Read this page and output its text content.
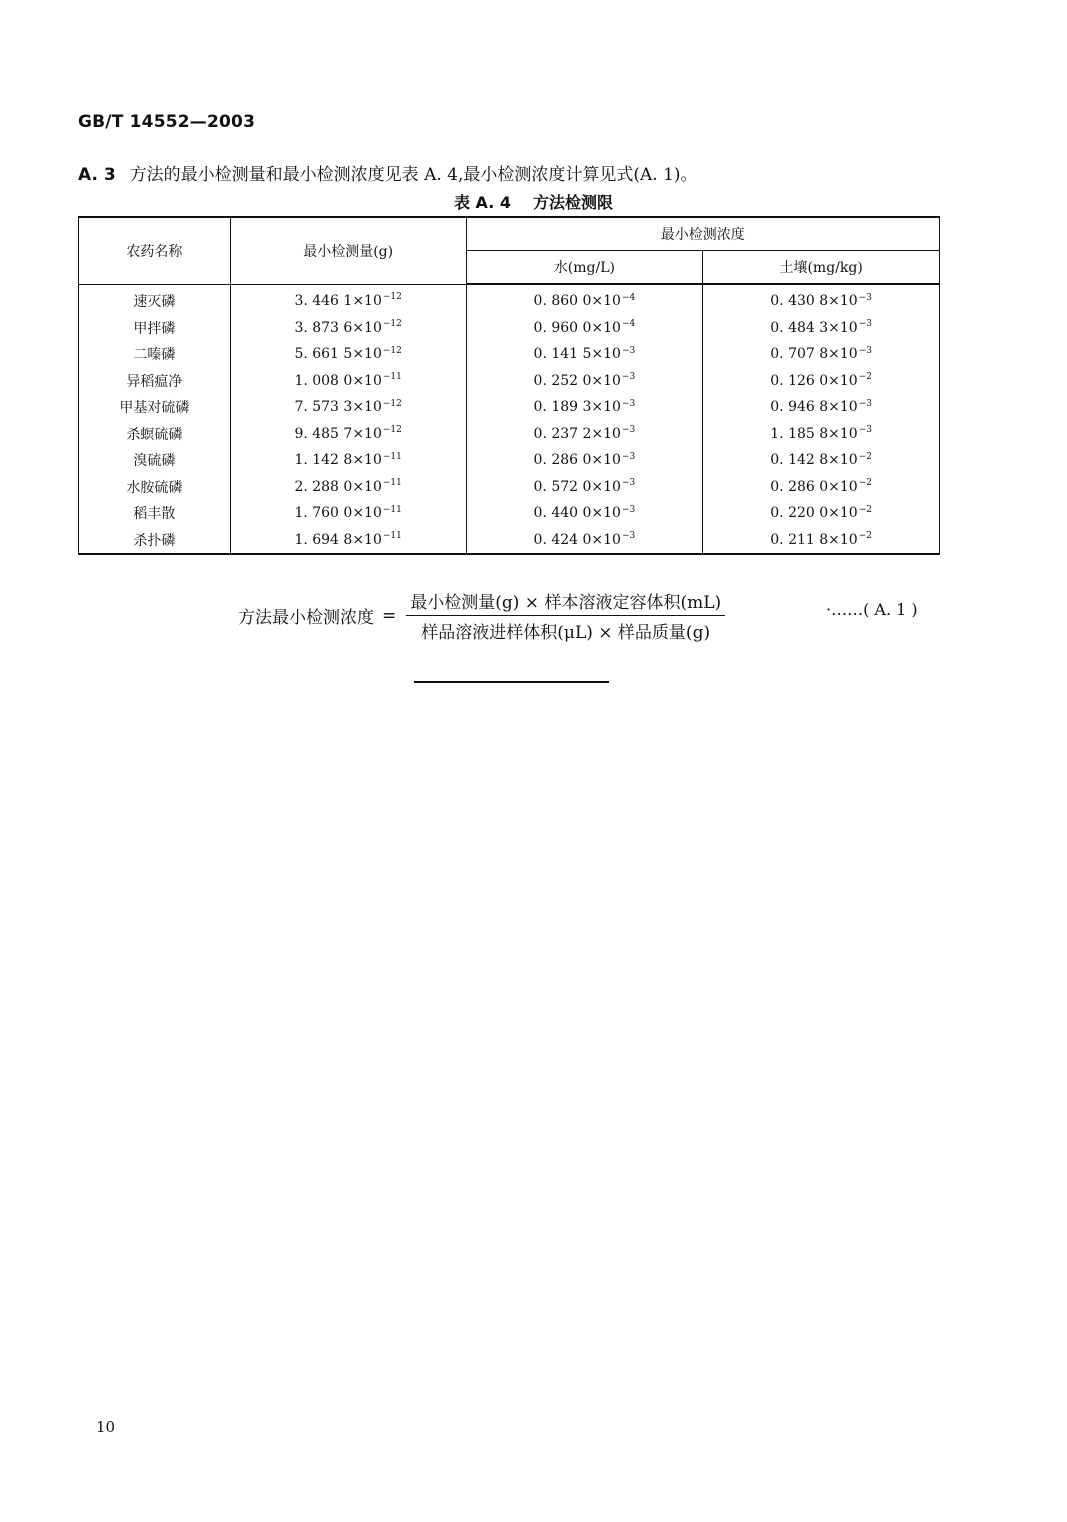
GB/T 14552—2003
A. 3 方法的最小检测量和最小检测浓度见表 A. 4,最小检测浓度计算见式(A. 1)。
表 A. 4 方法检测限
农药名称	最小检测量(g)	最小检测浓度	
		水(mg/L)	土壤(mg/kg)
速灭磷	3. 446 $1\times 10^{-12}$	0. 860 $0\times 10^{-4}$	0. 430 $8\times 10^{-3}$
甲拌磷	3. 873 $6\times 10^{-12}$	0. 960 $0\times 10^{-4}$	0. 484 $3\times 10^{-3}$
二嗪磷	5. 661 $5\times 10^{-12}$	0. 141 $5\times 10^{-3}$	0. 707 $8\times 10^{-3}$
异稻瘟净	1. 008 $0\times 10^{-11}$	0. 252 $0\times 10^{-3}$	0. 126 $0\times 10^{-2}$
甲基对硫磷	7. 573 $3\times 10^{-12}$	0. 189 $3\times 10^{-3}$	0. 946 $8\times 10^{-3}$
杀螟硫磷	9. 485 $7\times 10^{-12}$	0. 237 $2\times 10^{-3}$	1. 185 $8\times 10^{-3}$
溴硫磷	1. 142 $8\times 10^{-11}$	0. 286 $0\times 10^{-3}$	0. 142 $8\times 10^{-2}$
水胺硫磷	2. 288 $0\times 10^{-11}$	0. 572 $0\times 10^{-3}$	0. 286 $0\times 10^{-2}$
稻丰散	1. 760 $0\times 10^{-11}$	0. 440 $0\times 10^{-3}$	0. 220 $0\times 10^{-2}$
杀扑磷	1. 694 $8\times 10^{-11}$	0. 424 $0\times 10^{-3}$	0. 211 $8\times 10^{-2}$
方法最小检测浓度 = $\frac{\text{最小检测量(g) × 样本溶液定容体积(mL)}}{\text{样品溶液进样体积(μL) × 样品质量(g)}}$	·……( A. 1 )
10
